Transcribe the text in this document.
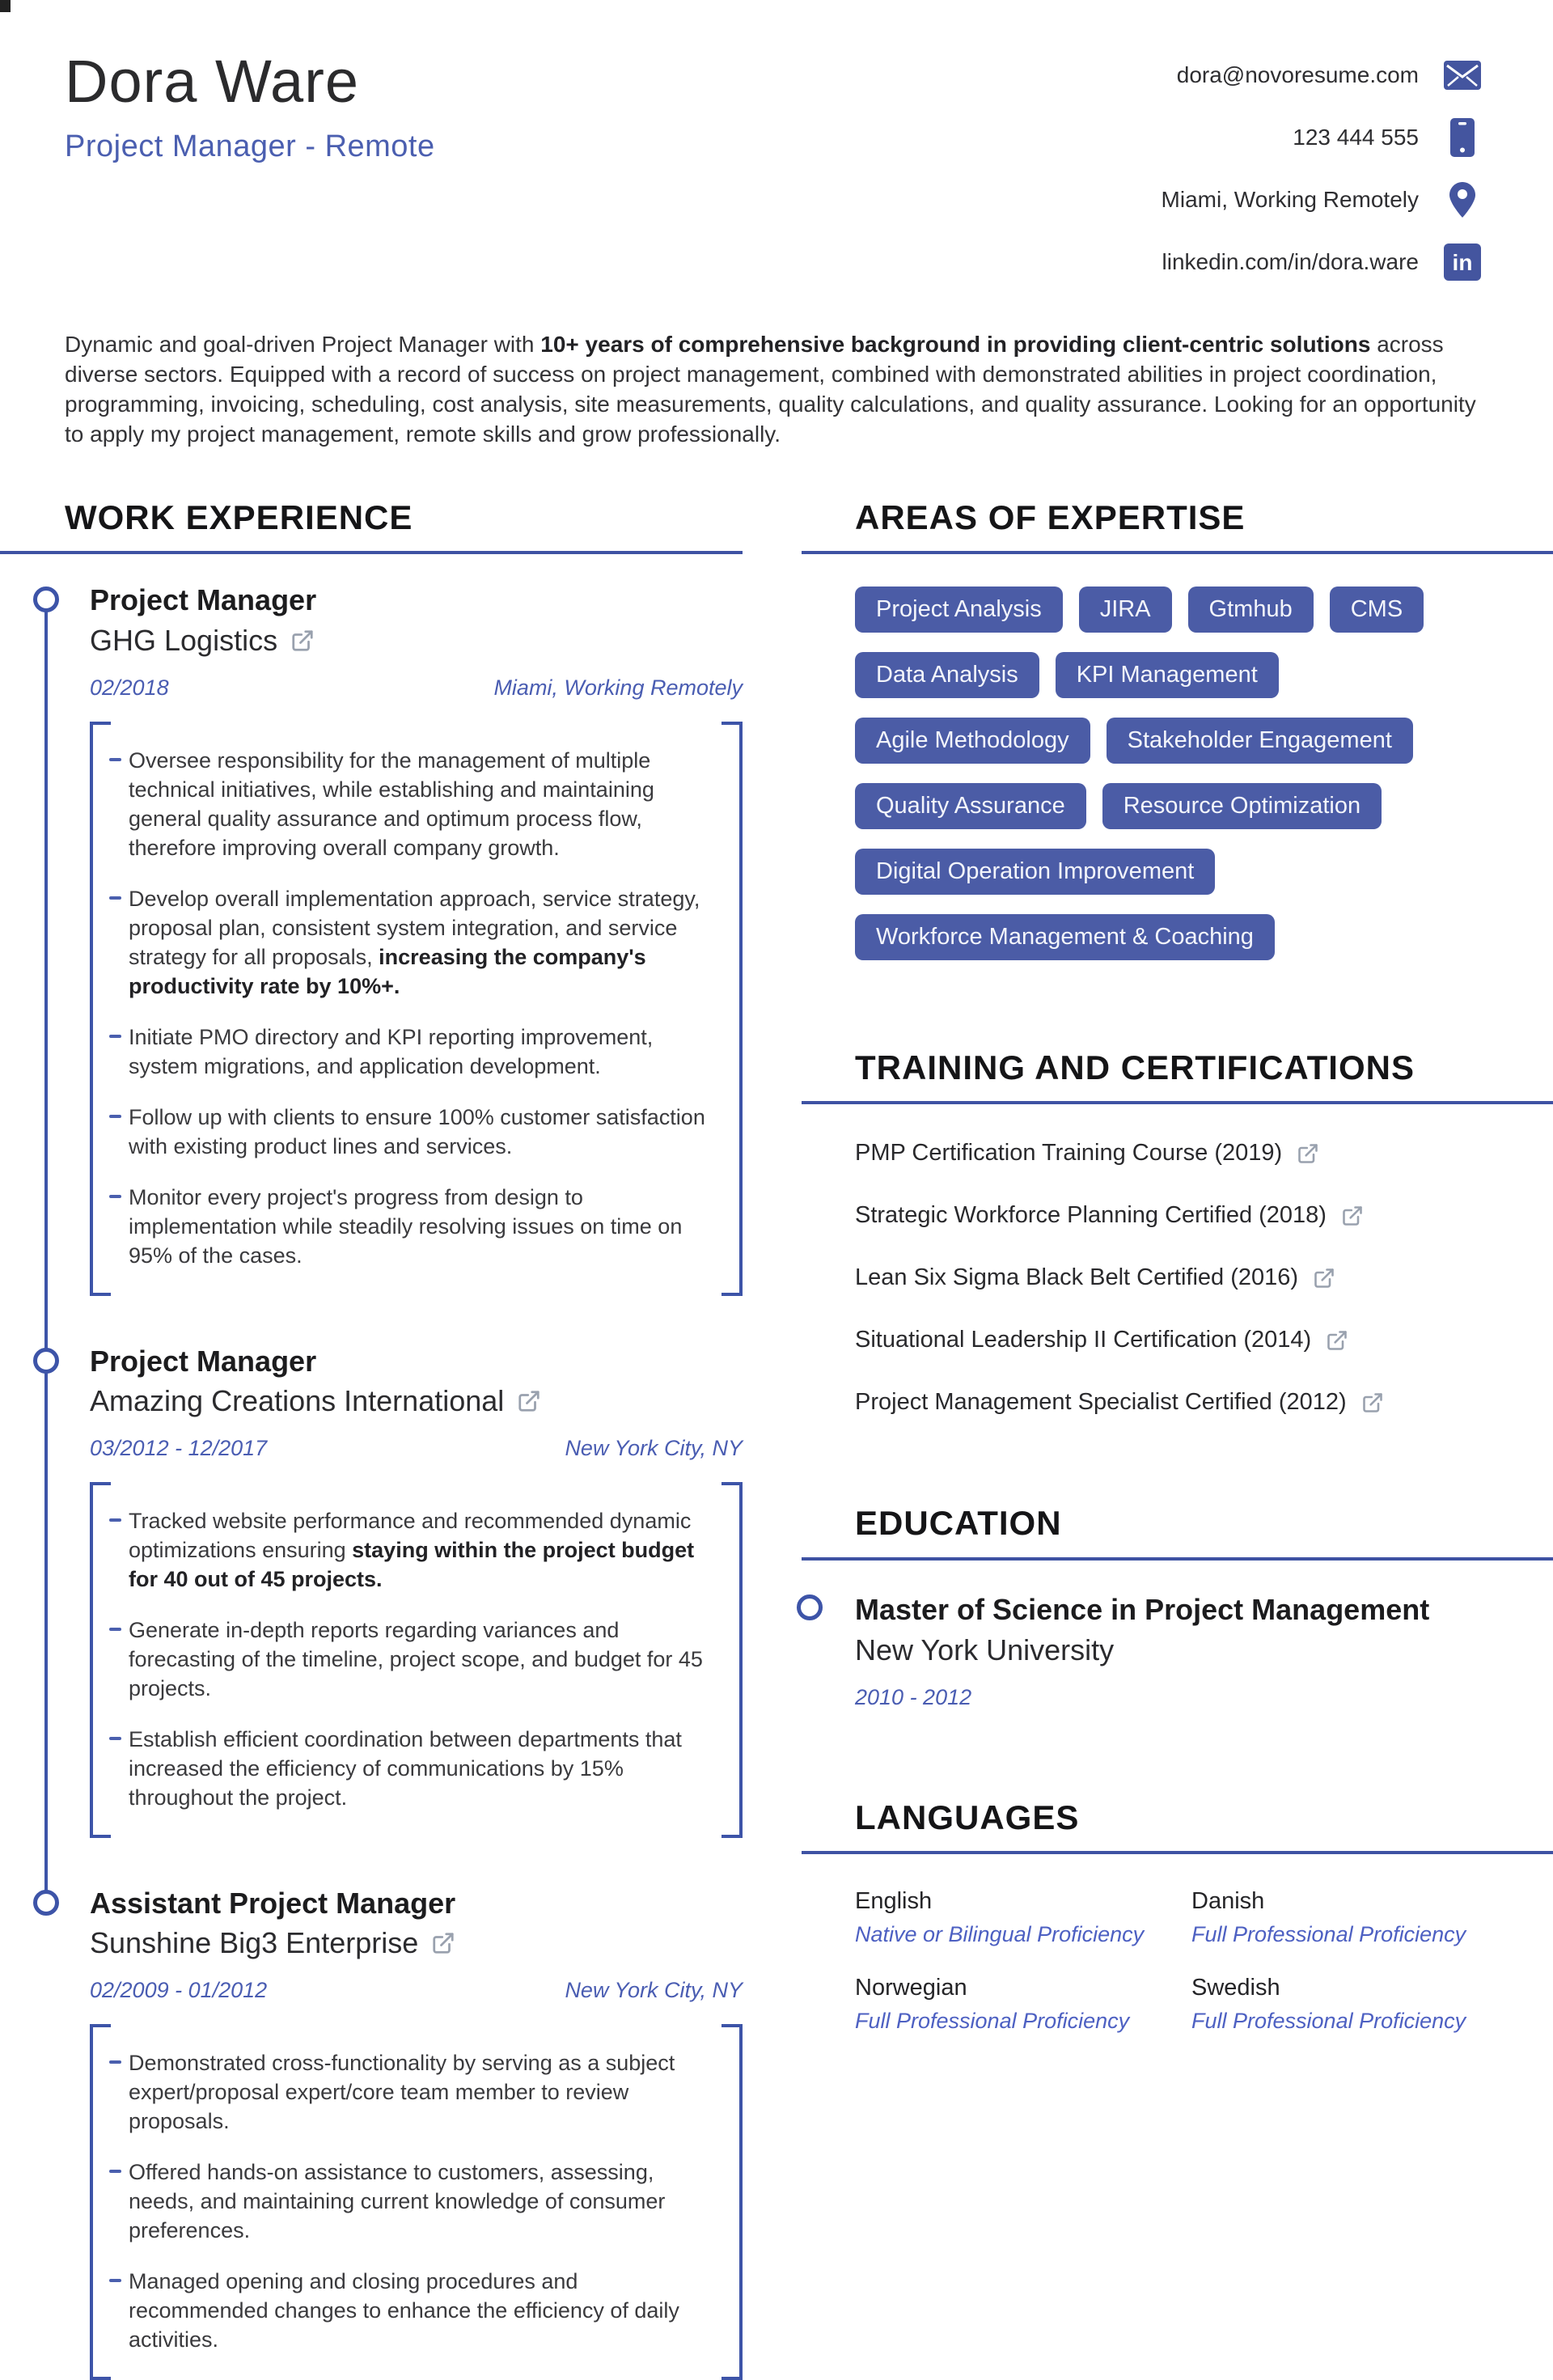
Dora Ware
Project Manager - Remote
dora@novoresume.com
123 444 555
Miami, Working Remotely
linkedin.com/in/dora.ware in

Dynamic and goal-driven Project Manager with 10+ years of comprehensive background in providing client-centric solutions across diverse sectors. Equipped with a record of success on project management, combined with demonstrated abilities in project coordination, programming, invoicing, scheduling, cost analysis, site measurements, quality calculations, and quality assurance. Looking for an opportunity to apply my project management, remote skills and grow professionally.

WORK EXPERIENCE
Project Manager
GHG Logistics
02/2018	Miami, Working Remotely
Oversee responsibility for the management of multiple technical initiatives, while establishing and maintaining general quality assurance and optimum process flow, therefore improving overall company growth.
Develop overall implementation approach, service strategy, proposal plan, consistent system integration, and service strategy for all proposals, increasing the company's productivity rate by 10%+.
Initiate PMO directory and KPI reporting improvement, system migrations, and application development.
Follow up with clients to ensure 100% customer satisfaction with existing product lines and services.
Monitor every project's progress from design to implementation while steadily resolving issues on time on 95% of the cases.
Project Manager
Amazing Creations International
03/2012 - 12/2017	New York City, NY
Tracked website performance and recommended dynamic optimizations ensuring staying within the project budget for 40 out of 45 projects.
Generate in-depth reports regarding variances and forecasting of the timeline, project scope, and budget for 45 projects.
Establish efficient coordination between departments that increased the efficiency of communications by 15% throughout the project.
Assistant Project Manager
Sunshine Big3 Enterprise
02/2009 - 01/2012	New York City, NY
Demonstrated cross-functionality by serving as a subject expert/proposal expert/core team member to review proposals.
Offered hands-on assistance to customers, assessing, needs, and maintaining current knowledge of consumer preferences.
Managed opening and closing procedures and recommended changes to enhance the efficiency of daily activities.
AREAS OF EXPERTISE
Project Analysis	JIRA	Gtmhub	CMS
Data Analysis	KPI Management
Agile Methodology	Stakeholder Engagement
Quality Assurance	Resource Optimization
Digital Operation Improvement
Workforce Management & Coaching
TRAINING AND CERTIFICATIONS
PMP Certification Training Course (2019)
Strategic Workforce Planning Certified (2018)
Lean Six Sigma Black Belt Certified (2016)
Situational Leadership II Certification (2014)
Project Management Specialist Certified (2012)
EDUCATION
Master of Science in Project Management
New York University
2010 - 2012
LANGUAGES
English
Native or Bilingual Proficiency
Danish
Full Professional Proficiency
Norwegian
Full Professional Proficiency
Swedish
Full Professional Proficiency
